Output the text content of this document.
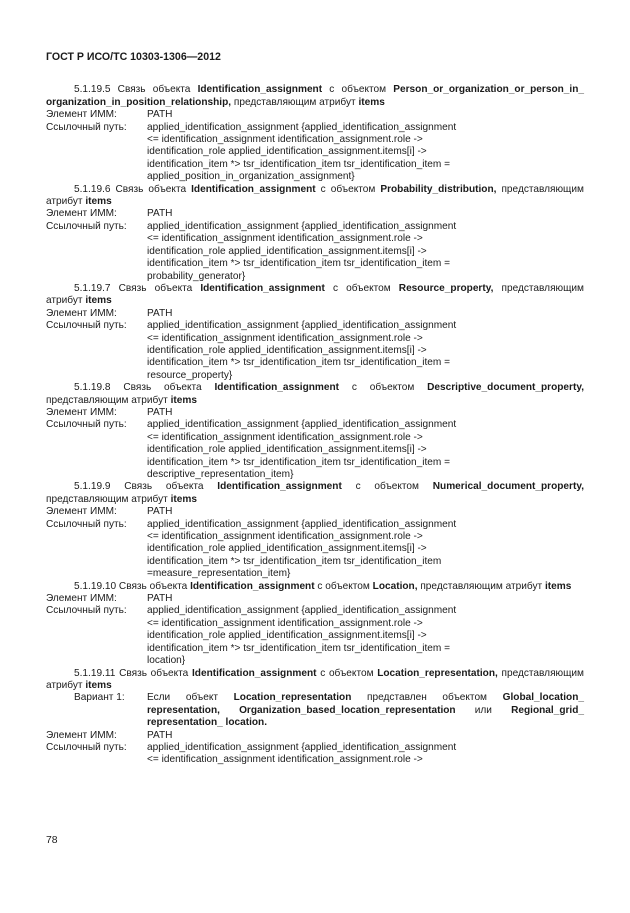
ГОСТ Р ИСО/ТС 10303-1306—2012

5.1.19.5 Связь объекта Identification_assignment с объектом Person_or_organization_or_person_in_ organization_in_position_relationship, представляющим атрибут items

Элемент ИММ:	PATH
Ссылочный путь:	applied_identification_assignment {applied_identification_assignment
<= identification_assignment identification_assignment.role ->
identification_role applied_identification_assignment.items[i] ->
identification_item *> tsr_identification_item tsr_identification_item =
applied_position_in_organization_assignment}

5.1.19.6 Связь объекта Identification_assignment с объектом Probability_distribution, представляющим атрибут items

Элемент ИММ:	PATH
Ссылочный путь:	applied_identification_assignment {applied_identification_assignment
<= identification_assignment identification_assignment.role ->
identification_role applied_identification_assignment.items[i] ->
identification_item *> tsr_identification_item tsr_identification_item =
probability_generator}

5.1.19.7 Связь объекта Identification_assignment с объектом Resource_property, представляющим атрибут items

Элемент ИММ:	PATH
Ссылочный путь:	applied_identification_assignment {applied_identification_assignment
<= identification_assignment identification_assignment.role ->
identification_role applied_identification_assignment.items[i] ->
identification_item *> tsr_identification_item tsr_identification_item =
resource_property}

5.1.19.8 Связь объекта Identification_assignment с объектом Descriptive_document_property, представляющим атрибут items

Элемент ИММ:	PATH
Ссылочный путь:	applied_identification_assignment {applied_identification_assignment
<= identification_assignment identification_assignment.role ->
identification_role applied_identification_assignment.items[i] ->
identification_item *> tsr_identification_item tsr_identification_item =
descriptive_representation_item}

5.1.19.9 Связь объекта Identification_assignment с объектом Numerical_document_property, представляющим атрибут items

Элемент ИММ:	PATH
Ссылочный путь:	applied_identification_assignment {applied_identification_assignment
<= identification_assignment identification_assignment.role ->
identification_role applied_identification_assignment.items[i] ->
identification_item *> tsr_identification_item tsr_identification_item
=measure_representation_item}

5.1.19.10 Связь объекта Identification_assignment с объектом Location, представляющим атрибут items

Элемент ИММ:	PATH
Ссылочный путь:	applied_identification_assignment {applied_identification_assignment
<= identification_assignment identification_assignment.role ->
identification_role applied_identification_assignment.items[i] ->
identification_item *> tsr_identification_item tsr_identification_item =
location}

5.1.19.11 Связь объекта Identification_assignment с объектом Location_representation, представляющим атрибут items

Вариант 1:	Если объект Location_representation представлен объектом Global_location_ representation, Organization_based_location_representation или Regional_grid_ representation_ location.
Элемент ИММ:	PATH
Ссылочный путь:	applied_identification_assignment {applied_identification_assignment
<= identification_assignment identification_assignment.role ->
78
